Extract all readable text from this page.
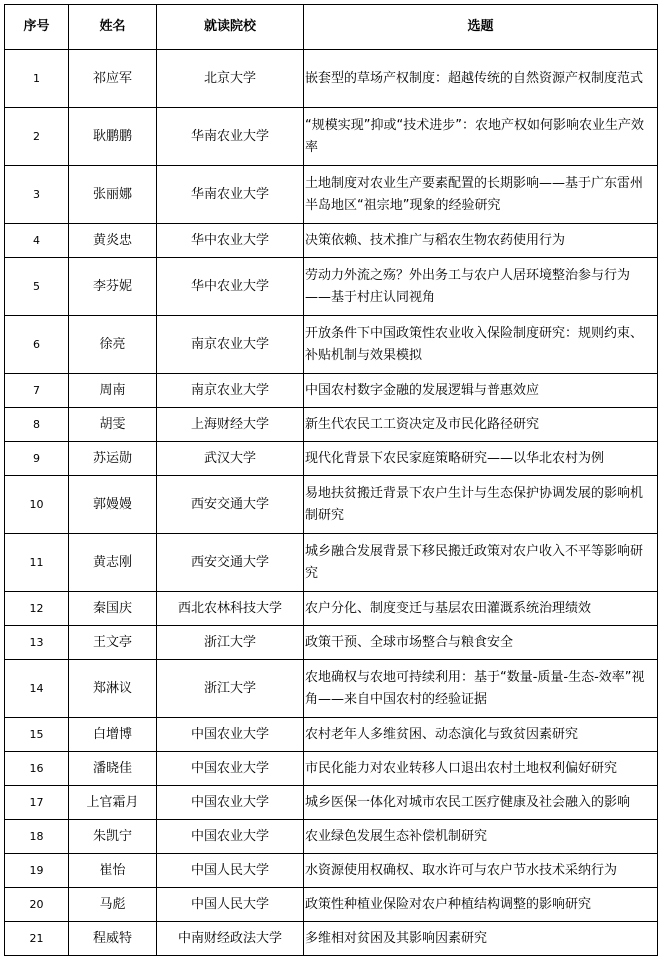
序号	姓名	就读院校	选题
1	祁应军	北京大学	嵌套型的草场产权制度：超越传统的自然资源产权制度范式
2	耿鹏鹏	华南农业大学	“规模实现”抑或“技术进步”：农地产权如何影响农业生产效率
3	张丽娜	华南农业大学	土地制度对农业生产要素配置的长期影响——基于广东雷州半岛地区“祖宗地”现象的经验研究
4	黄炎忠	华中农业大学	决策依赖、技术推广与稻农生物农药使用行为
5	李芬妮	华中农业大学	劳动力外流之殇？外出务工与农户人居环境整治参与行为——基于村庄认同视角
6	徐亮	南京农业大学	开放条件下中国政策性农业收入保险制度研究：规则约束、补贴机制与效果模拟
7	周南	南京农业大学	中国农村数字金融的发展逻辑与普惠效应
8	胡雯	上海财经大学	新生代农民工工资决定及市民化路径研究
9	苏运勋	武汉大学	现代化背景下农民家庭策略研究——以华北农村为例
10	郭嫚嫚	西安交通大学	易地扶贫搬迁背景下农户生计与生态保护协调发展的影响机制研究
11	黄志刚	西安交通大学	城乡融合发展背景下移民搬迁政策对农户收入不平等影响研究
12	秦国庆	西北农林科技大学	农户分化、制度变迁与基层农田灌溉系统治理绩效
13	王文亭	浙江大学	政策干预、全球市场整合与粮食安全
14	郑淋议	浙江大学	农地确权与农地可持续利用：基于“数量-质量-生态-效率”视角——来自中国农村的经验证据
15	白增博	中国农业大学	农村老年人多维贫困、动态演化与致贫因素研究
16	潘晓佳	中国农业大学	市民化能力对农业转移人口退出农村土地权利偏好研究
17	上官霜月	中国农业大学	城乡医保一体化对城市农民工医疗健康及社会融入的影响
18	朱凯宁	中国农业大学	农业绿色发展生态补偿机制研究
19	崔怡	中国人民大学	水资源使用权确权、取水许可与农户节水技术采纳行为
20	马彪	中国人民大学	政策性种植业保险对农户种植结构调整的影响研究
21	程威特	中南财经政法大学	多维相对贫困及其影响因素研究
